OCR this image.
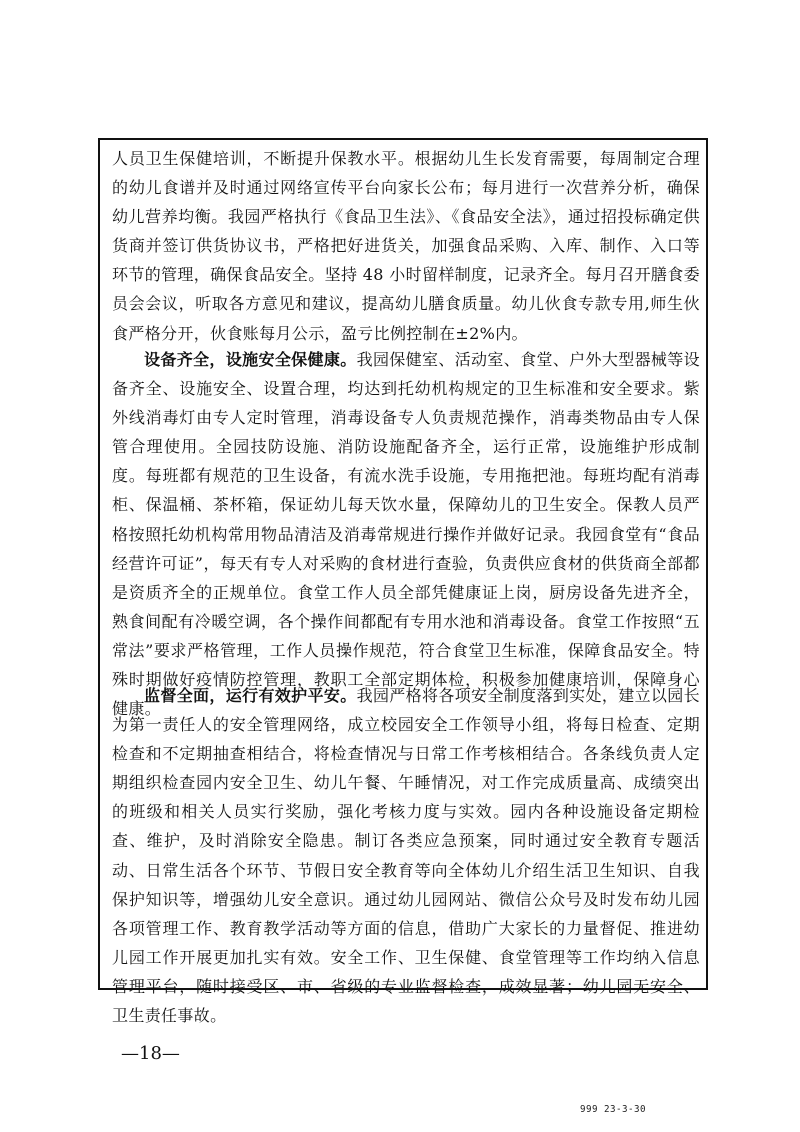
人员卫生保健培训，不断提升保教水平。根据幼儿生长发育需要，每周制定合理的幼儿食谱并及时通过网络宣传平台向家长公布；每月进行一次营养分析，确保幼儿营养均衡。我园严格执行《食品卫生法》、《食品安全法》，通过招投标确定供货商并签订供货协议书，严格把好进货关，加强食品采购、入库、制作、入口等环节的管理，确保食品安全。坚持 48 小时留样制度，记录齐全。每月召开膳食委员会会议，听取各方意见和建议，提高幼儿膳食质量。幼儿伙食专款专用,师生伙食严格分开，伙食账每月公示，盈亏比例控制在±2%内。

设备齐全，设施安全保健康。我园保健室、活动室、食堂、户外大型器械等设备齐全、设施安全、设置合理，均达到托幼机构规定的卫生标准和安全要求。紫外线消毒灯由专人定时管理，消毒设备专人负责规范操作，消毒类物品由专人保管合理使用。全园技防设施、消防设施配备齐全，运行正常，设施维护形成制度。每班都有规范的卫生设备，有流水洗手设施，专用拖把池。每班均配有消毒柜、保温桶、茶杯箱，保证幼儿每天饮水量，保障幼儿的卫生安全。保教人员严格按照托幼机构常用物品清洁及消毒常规进行操作并做好记录。我园食堂有“食品经营许可证”，每天有专人对采购的食材进行查验，负责供应食材的供货商全部都是资质齐全的正规单位。食堂工作人员全部凭健康证上岗，厨房设备先进齐全，熟食间配有冷暖空调，各个操作间都配有专用水池和消毒设备。食堂工作按照“五常法”要求严格管理，工作人员操作规范，符合食堂卫生标准，保障食品安全。特殊时期做好疫情防控管理，教职工全部定期体检，积极参加健康培训，保障身心健康。

监督全面，运行有效护平安。我园严格将各项安全制度落到实处，建立以园长为第一责任人的安全管理网络，成立校园安全工作领导小组，将每日检查、定期检查和不定期抽查相结合，将检查情况与日常工作考核相结合。各条线负责人定期组织检查园内安全卫生、幼儿午餐、午睡情况，对工作完成质量高、成绩突出的班级和相关人员实行奖励，强化考核力度与实效。园内各种设施设备定期检查、维护，及时消除安全隐患。制订各类应急预案，同时通过安全教育专题活动、日常生活各个环节、节假日安全教育等向全体幼儿介绍生活卫生知识、自我保护知识等，增强幼儿安全意识。通过幼儿园网站、微信公众号及时发布幼儿园各项管理工作、教育教学活动等方面的信息，借助广大家长的力量督促、推进幼儿园工作开展更加扎实有效。安全工作、卫生保健、食堂管理等工作均纳入信息管理平台，随时接受区、市、省级的专业监督检查，成效显著；幼儿园无安全、卫生责任事故。

—18—
999 23-3-30
